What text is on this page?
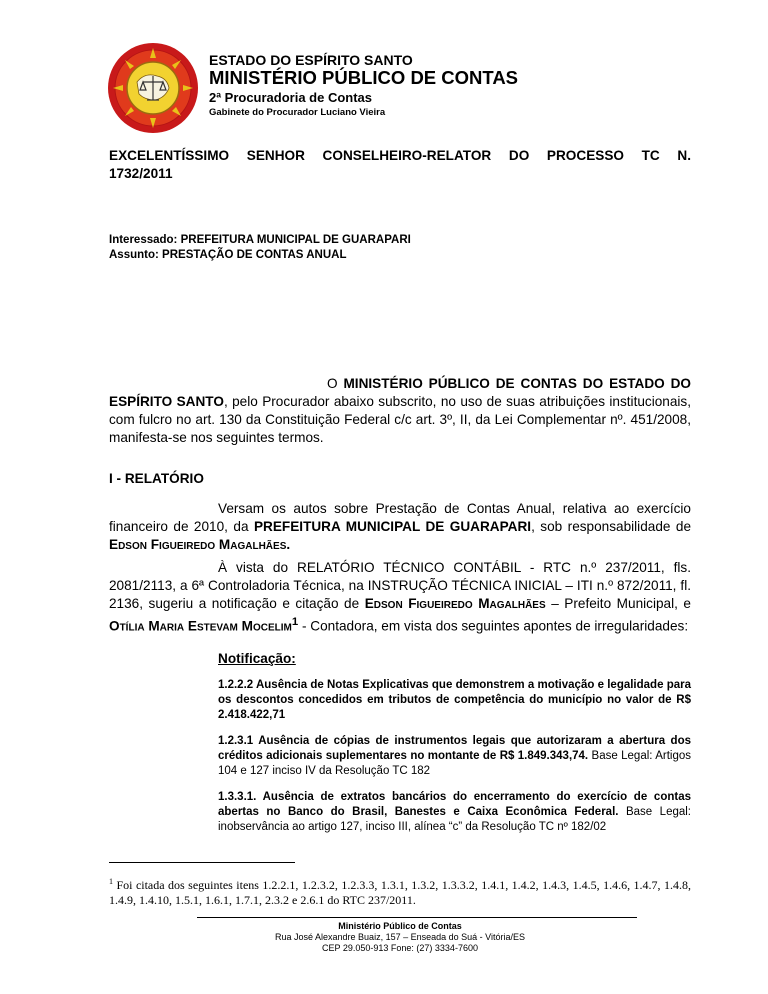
ESTADO DO ESPÍRITO SANTO
MINISTÉRIO PÚBLICO DE CONTAS
2ª Procuradoria de Contas
Gabinete do Procurador Luciano Vieira
EXCELENTÍSSIMO SENHOR CONSELHEIRO-RELATOR DO PROCESSO TC N. 1732/2011
Interessado: PREFEITURA MUNICIPAL DE GUARAPARI
Assunto: PRESTAÇÃO DE CONTAS ANUAL
O MINISTÉRIO PÚBLICO DE CONTAS DO ESTADO DO ESPÍRITO SANTO, pelo Procurador abaixo subscrito, no uso de suas atribuições institucionais, com fulcro no art. 130 da Constituição Federal c/c art. 3º, II, da Lei Complementar nº. 451/2008, manifesta-se nos seguintes termos.
I - RELATÓRIO
Versam os autos sobre Prestação de Contas Anual, relativa ao exercício financeiro de 2010, da PREFEITURA MUNICIPAL DE GUARAPARI, sob responsabilidade de Edson Figueiredo Magalhães.
À vista do RELATÓRIO TÉCNICO CONTÁBIL - RTC n.º 237/2011, fls. 2081/2113, a 6ª Controladoria Técnica, na INSTRUÇÃO TÉCNICA INICIAL – ITI n.º 872/2011, fl. 2136, sugeriu a notificação e citação de Edson Figueiredo Magalhães – Prefeito Municipal, e Otília Maria Estevam Mocelim$^1$ - Contadora, em vista dos seguintes apontes de irregularidades:
Notificação:
1.2.2.2 Ausência de Notas Explicativas que demonstrem a motivação e legalidade para os descontos concedidos em tributos de competência do município no valor de R$ 2.418.422,71
1.2.3.1 Ausência de cópias de instrumentos legais que autorizaram a abertura dos créditos adicionais suplementares no montante de R$ 1.849.343,74. Base Legal: Artigos 104 e 127 inciso IV da Resolução TC 182
1.3.3.1. Ausência de extratos bancários do encerramento do exercício de contas abertas no Banco do Brasil, Banestes e Caixa Econômica Federal. Base Legal: inobservância ao artigo 127, inciso III, alínea “c” da Resolução TC nº 182/02
$^1$ Foi citada dos seguintes itens 1.2.2.1, 1.2.3.2, 1.2.3.3, 1.3.1, 1.3.2, 1.3.3.2, 1.4.1, 1.4.2, 1.4.3, 1.4.5, 1.4.6, 1.4.7, 1.4.8, 1.4.9, 1.4.10, 1.5.1, 1.6.1, 1.7.1, 2.3.2 e 2.6.1 do RTC 237/2011.
Ministério Público de Contas
Rua José Alexandre Buaiz, 157 – Enseada do Suá - Vitória/ES
CEP 29.050-913 Fone: (27) 3334-7600
